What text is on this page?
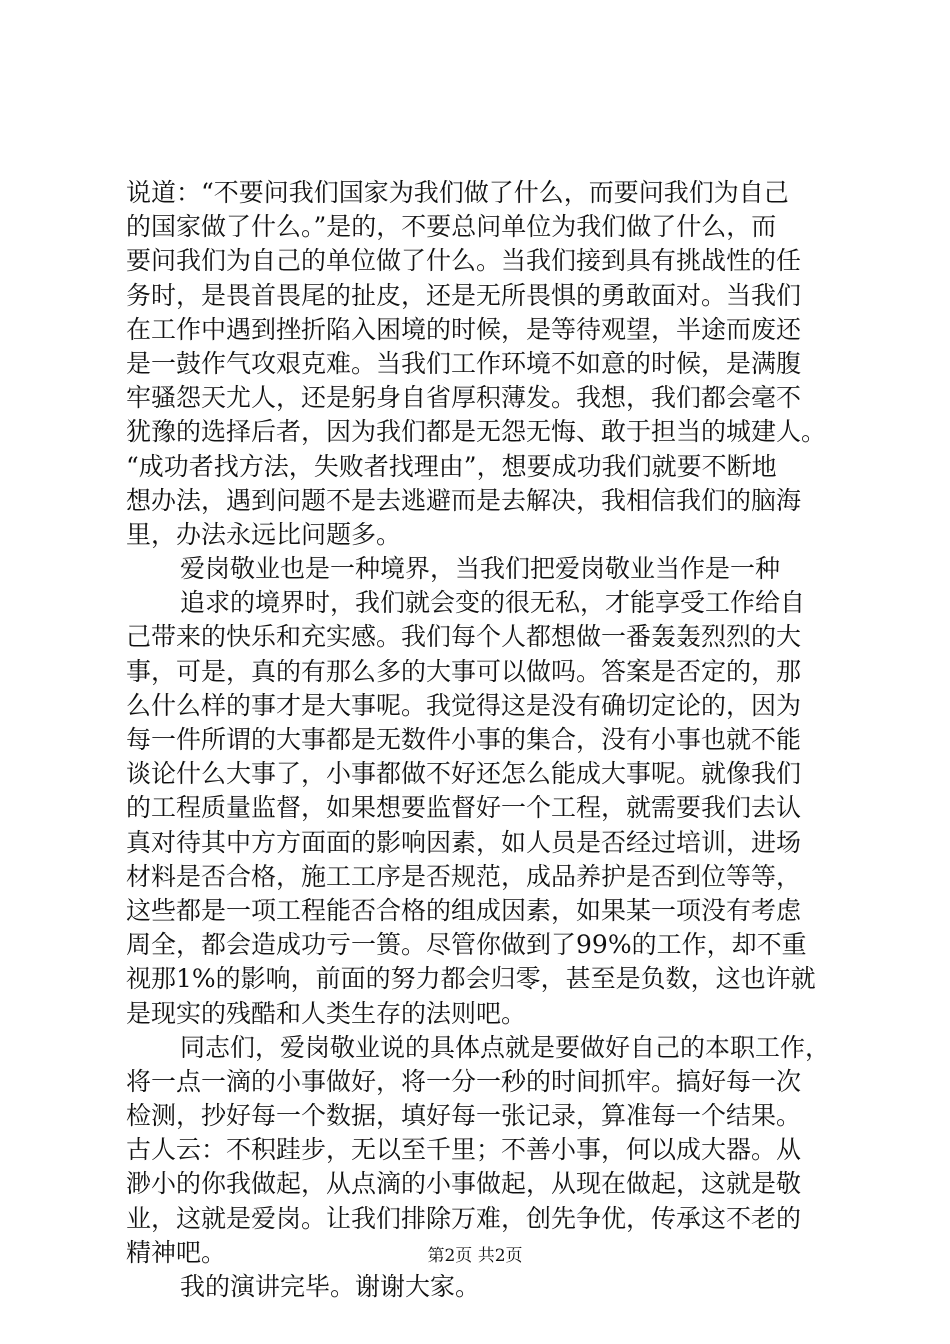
说道：“不要问我们国家为我们做了什么，而要问我们为自己
的国家做了什么。”是的，不要总问单位为我们做了什么，而
要问我们为自己的单位做了什么。当我们接到具有挑战性的任
务时，是畏首畏尾的扯皮，还是无所畏惧的勇敢面对。当我们
在工作中遇到挫折陷入困境的时候，是等待观望，半途而废还
是一鼓作气攻艰克难。当我们工作环境不如意的时候，是满腹
牢骚怨天尤人，还是躬身自省厚积薄发。我想，我们都会毫不
犹豫的选择后者，因为我们都是无怨无悔、敢于担当的城建人。
“成功者找方法，失败者找理由”，想要成功我们就要不断地
想办法，遇到问题不是去逃避而是去解决，我相信我们的脑海
里，办法永远比问题多。
爱岗敬业也是一种境界，当我们把爱岗敬业当作是一种
追求的境界时，我们就会变的很无私，才能享受工作给自
己带来的快乐和充实感。我们每个人都想做一番轰轰烈烈的大
事，可是，真的有那么多的大事可以做吗。答案是否定的，那
么什么样的事才是大事呢。我觉得这是没有确切定论的，因为
每一件所谓的大事都是无数件小事的集合，没有小事也就不能
谈论什么大事了，小事都做不好还怎么能成大事呢。就像我们
的工程质量监督，如果想要监督好一个工程，就需要我们去认
真对待其中方方面面的影响因素，如人员是否经过培训，进场
材料是否合格，施工工序是否规范，成品养护是否到位等等，
这些都是一项工程能否合格的组成因素，如果某一项没有考虑
周全，都会造成功亏一篑。尽管你做到了99%的工作，却不重
视那1%的影响，前面的努力都会归零，甚至是负数，这也许就
是现实的残酷和人类生存的法则吧。
同志们，爱岗敬业说的具体点就是要做好自己的本职工作，
将一点一滴的小事做好，将一分一秒的时间抓牢。搞好每一次
检测，抄好每一个数据，填好每一张记录，算准每一个结果。
古人云：不积跬步，无以至千里；不善小事，何以成大器。从
渺小的你我做起，从点滴的小事做起，从现在做起，这就是敬
业，这就是爱岗。让我们排除万难，创先争优，传承这不老的
精神吧。
我的演讲完毕。谢谢大家。
第2页 共2页
